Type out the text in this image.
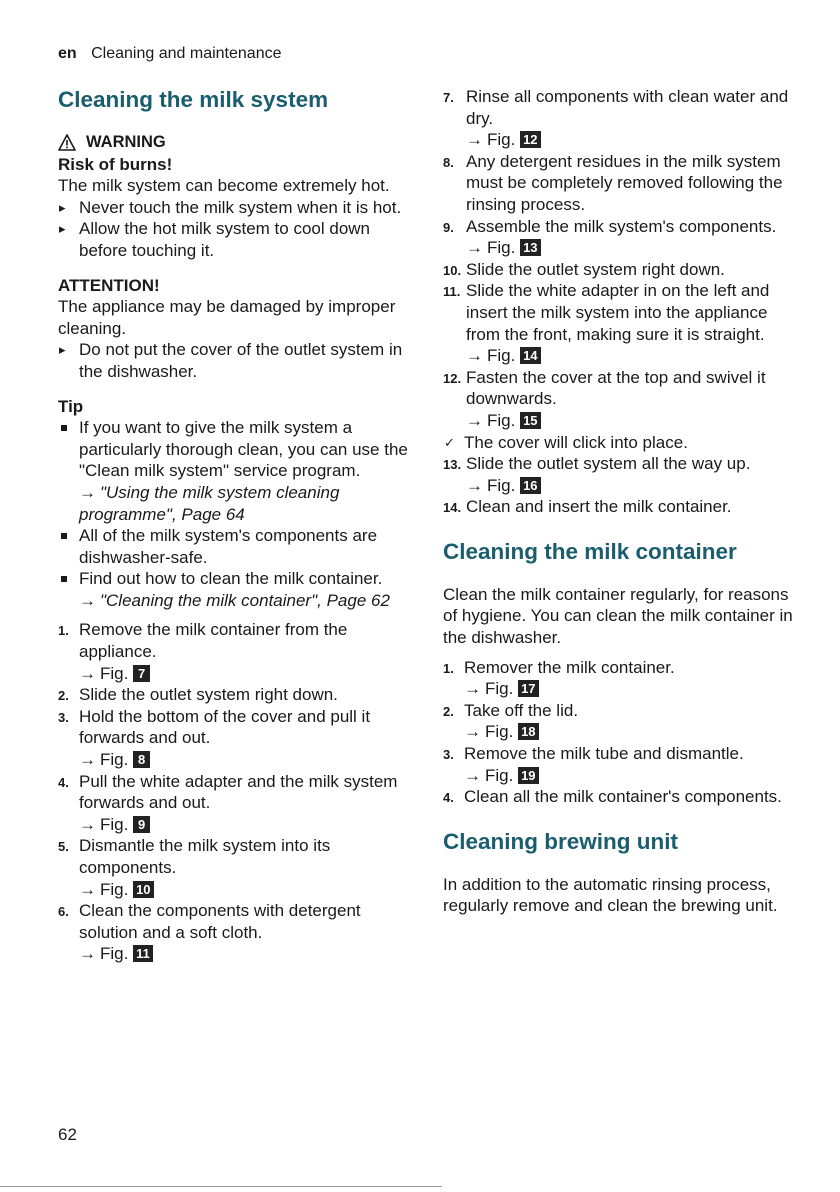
en Cleaning and maintenance
Cleaning the milk system
WARNING

Risk of burns!

The milk system can become extremely hot.

▸ Never touch the milk system when it is hot.
▸ Allow the hot milk system to cool down before touching it.

ATTENTION!

The appliance may be damaged by improper cleaning.

▸ Do not put the cover of the outlet system in the dishwasher.

Tip

If you want to give the milk system a particularly thorough clean, you can use the "Clean milk system" service program.
→ "Using the milk system cleaning programme", Page 64
All of the milk system's components are dishwasher-safe.
Find out how to clean the milk container.
→ "Cleaning the milk container", Page 62
1. Remove the milk container from the appliance.
→ Fig. 7
2. Slide the outlet system right down.
3. Hold the bottom of the cover and pull it forwards and out.
→ Fig. 8
4. Pull the white adapter and the milk system forwards and out.
→ Fig. 9
5. Dismantle the milk system into its components.
→ Fig. 10
6. Clean the components with detergent solution and a soft cloth.
→ Fig. 11
7. Rinse all components with clean water and dry.
→ Fig. 12
8. Any detergent residues in the milk system must be completely removed following the rinsing process.
9. Assemble the milk system's components.
→ Fig. 13
10. Slide the outlet system right down.
11. Slide the white adapter in on the left and insert the milk system into the appliance from the front, making sure it is straight.
→ Fig. 14
12. Fasten the cover at the top and swivel it downwards.
→ Fig. 15
✓ The cover will click into place.
13. Slide the outlet system all the way up.
→ Fig. 16
14. Clean and insert the milk container.
Cleaning the milk container

Clean the milk container regularly, for reasons of hygiene. You can clean the milk container in the dishwasher.

1. Remover the milk container.
→ Fig. 17
2. Take off the lid.
→ Fig. 18
3. Remove the milk tube and dismantle.
→ Fig. 19
4. Clean all the milk container's components.
Cleaning brewing unit

In addition to the automatic rinsing process, regularly remove and clean the brewing unit.

62
